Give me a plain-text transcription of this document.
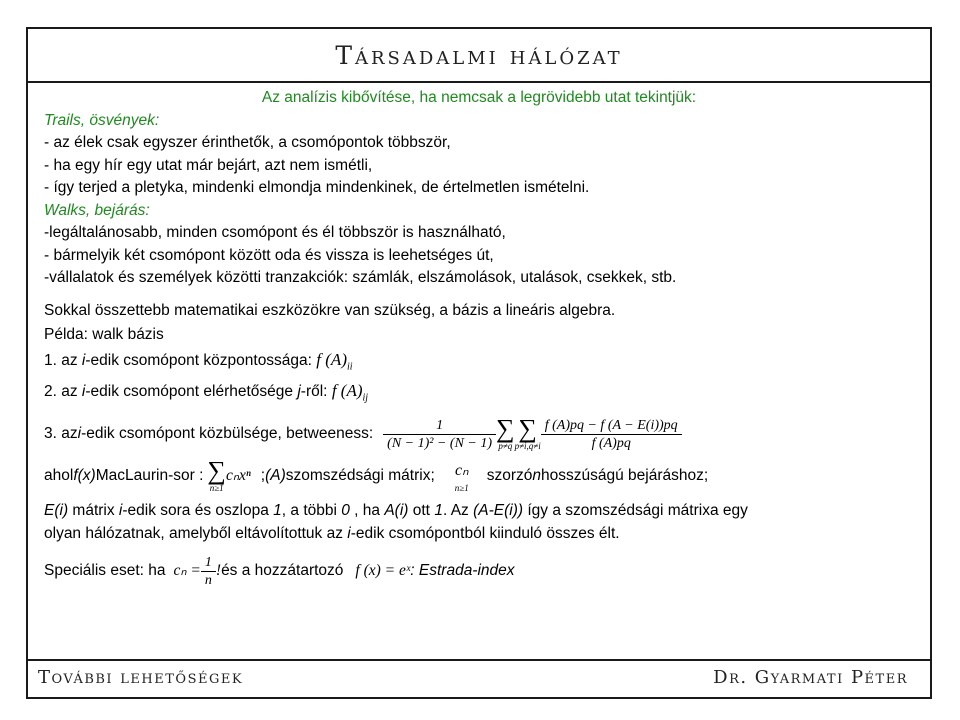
Társadalmi hálózat
Az analízis kibővítése, ha nemcsak a legrövidebb utat tekintjük:
Trails, ösvények:
- az élek csak egyszer érinthetők, a csomópontok többször,
- ha egy hír egy utat már bejárt, azt nem ismétli,
- így terjed a pletyka, mindenki elmondja mindenkinek, de értelmetlen ismételni.
Walks, bejárás:
-legáltalánosabb, minden csomópont és él többször is használható,
- bármelyik két csomópont között oda és vissza is leehetséges út,
-vállalatok és személyek közötti tranzakciók: számlák, elszámolások, utalások, csekkek, stb.
Sokkal összettebb matematikai eszközökre van szükség, a bázis a lineáris algebra.
Példa: walk bázis
1. az i-edik csomópont központossága: f $(A)_{ii}$
2. az i-edik csomópont elérhetősége j-ről: f $(A)_{ij}$
3. az i -edik csomópont közbülsége, betweeness: $\frac{1}{\text{(N − 1)² − (N − 1)}}$ ∑
p≠q
∑
$p\ne i,q\ne i \frac{f (A)pq - f (A - E(i))pq}{f (A)pq}$
ahol f(x) MacLaurin-sor : ∑
n≥1
cₙxⁿ ; (A) szomszédsági mátrix; cₙ
n≥1
szorzó n hosszúságú bejáráshoz;
E(i) mátrix i-edik sora és oszlopa 1, a többi 0 , ha A(i) ott 1. Az (A-E(i)) így a szomszédsági mátrixa egy
olyan hálózatnak, amelyből eltávolítottuk az i-edik csomópontból kiinduló összes élt.
Speciális eset: ha $c_n = \frac{1}{n}$ ! és a hozzátartozó f (x) = eˣ : Estrada-index
További lehetőségek	Dr. Gyarmati Péter
